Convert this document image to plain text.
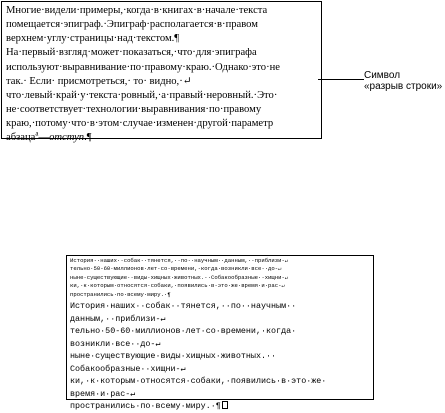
Многие·видели·примеры,·когда·в·книгах·в·начале·текста

помещается·эпиграф.·Эпиграф·располагается·в·правом

верхнем·углу·страницы·над·текстом.¶

На·первый·взгляд·может·показаться,·что·для·эпиграфа

используют·выравнивание·по·правому·краю.·Однако·это·не

так.· Если· присмотреться,· то· видно,·↵

что·левый·край·у·текста·ровный,·а·правый·неровный.·Это·

не·соответствует·технологии·выравнивания·по·правому

краю,·потому·что·в·этом·случае·изменен·другой·параметр

абзаца$^а$—отступ.¶

Символ
«разрыв строки»
История··наших··собак··тянется,··по··научным··данным,··приблизи-↵
тельно·50-60·миллионов·лет·со·времени,·когда·возникли·все··до-↵
ныне·существующие··виды·хищных·животных.··Собакообразные··хищни-↵
ки,·к·которым·относятся·собаки,·появились·в·это·же·время·и·рас-↵
пространились·по·всему·миру.·¶
История·наших··собак··тянется,··по··научным··
данным,··приблизи-↵
тельно·50-60·миллионов·лет·со·времени,·когда·
возникли·все··до-↵
ныне·существующие·виды·хищных·животных.··
Собакообразные··хищни-↵
ки,·к·которым·относятся·собаки,·появились·в·это·же·
время·и·рас-↵
пространились·по·всему·миру.·¶
